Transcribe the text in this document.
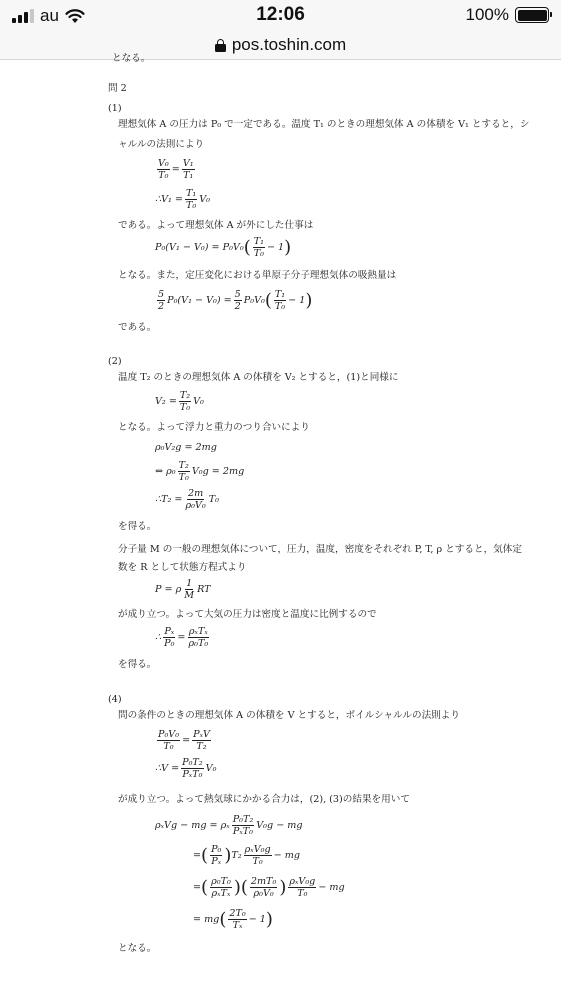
au	12:06	100%
pos.toshin.com
となる。
問 2
(1)
理想気体 A の圧力は P₀ で一定である。温度 T₁ のときの理想気体 A の体積を V₁ とすると，シ
ャルルの法則により
$\frac{\text{V₀}}{\text{T₀}} = \frac{\text{V₁}}{\text{T₁}}$
∴V₁ = $\frac{\text{T₁}}{\text{T₀}} V_0$
である。よって理想気体 A が外にした仕事は
P₀(V₁ − V₀) = P₀V₀ ( $\frac{\text{T₁}}{\text{T₀}} - 1$ )
となる。また，定圧変化における単原子分子理想気体の吸熱量は
$\frac{5}{2} P_0(V_1 - V_0) = \frac{5}{2} P_0V_0$ ( $\frac{\text{T₁}}{\text{T₀}} - 1$ )
である。
(2)
温度 T₂ のときの理想気体 A の体積を V₂ とすると，(1)と同様に
$V_2 = \frac{\text{T₂}}{\text{T₀}} V_0$
となる。よって浮力と重力のつり合いにより
ρ₀V₂g = 2mg
⇔ $\rho_0 \frac{\text{T₂}}{\text{T₀}} V_0g = 2mg$
∴T₂ = $\frac{2m}{\text{ρ₀V₀}} T_0$
を得る。
分子量 M の一般の理想気体について，圧力，温度，密度をそれぞれ P, T, ρ とすると，気体定
数を R として状態方程式より
P = ρ $\frac{1}{M}$ RT
が成り立つ。よって大気の圧力は密度と温度に比例するので
∴ $\frac{\text{Pₓ}}{\text{P₀}} = \frac{\text{ρₓTₓ}}{\text{ρ₀T₀}}$
を得る。
(4)
問の条件のときの理想気体 A の体積を V とすると，ボイルシャルルの法則より
$\frac{\text{P₀V₀}}{\text{T₀}} = \frac{\text{PₓV}}{\text{T₂}}$
∴V = $\frac{\text{P₀T₂}}{\text{PₓT₀}} V_0$
が成り立つ。よって熱気球にかかる合力は，(2), (3)の結果を用いて
ρₓVg − mg = ρₓ $\frac{\text{P₀T₂}}{\text{PₓT₀}} V_0g$ − mg
= ( $\frac{\text{P₀}}{\text{Pₓ}}$ ) $T_2 \frac{\text{ρₓV₀g}}{\text{T₀}}$ − mg
= ( $\frac{\text{ρ₀T₀}}{\text{ρₓTₓ}}$ )( $\frac{\text{2mT₀}}{\text{ρ₀V₀}}$ ) $\frac{\text{ρₓV₀g}}{\text{T₀}}$ − mg
= mg ( $\frac{\text{2T₀}}{\text{Tₓ}} - 1$ )
となる。
